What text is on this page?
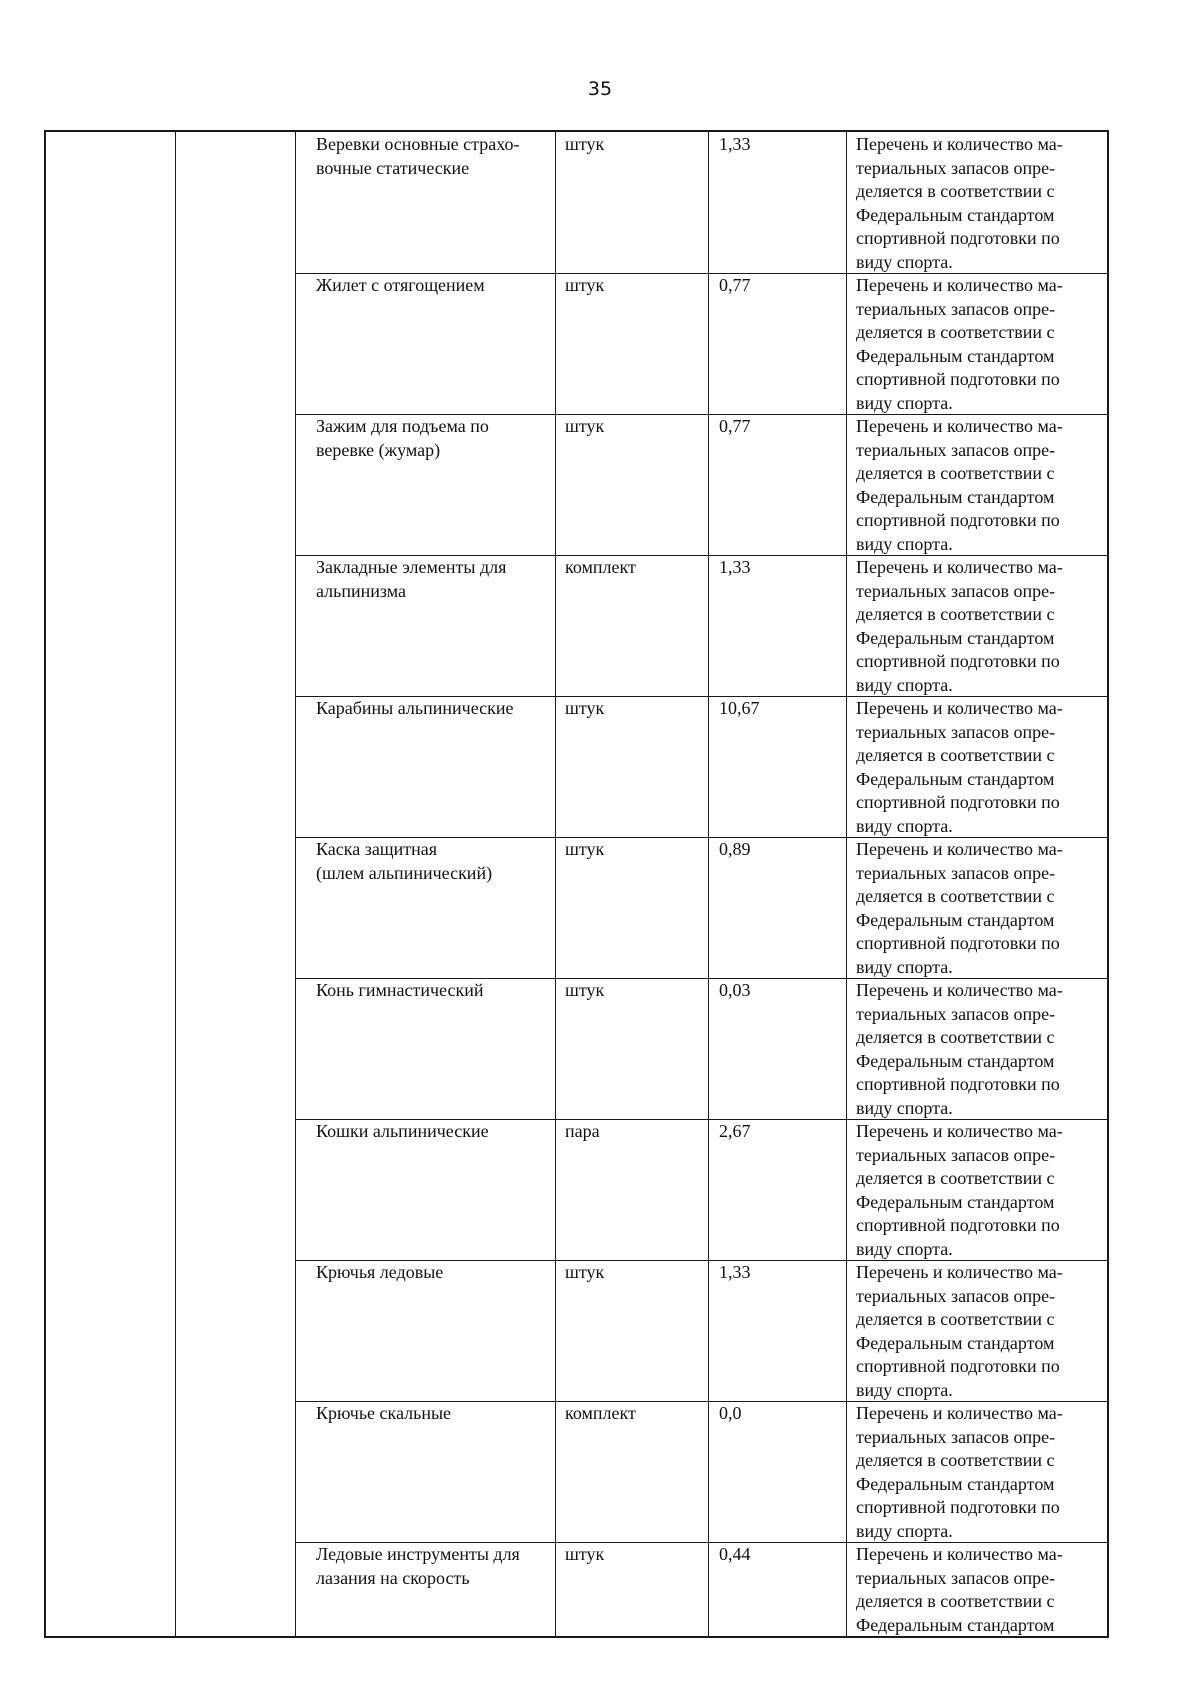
35
Веревки основные страхо-
вочные статические
штук	1,33	Перечень и количество ма-
териальных запасов опре-
деляется в соответствии с
Федеральным стандартом
спортивной подготовки по
виду спорта.
Жилет с отягощением	штук	0,77	Перечень и количество ма-
териальных запасов опре-
деляется в соответствии с
Федеральным стандартом
спортивной подготовки по
виду спорта.
Зажим для подъема по
веревке (жумар)
штук	0,77	Перечень и количество ма-
териальных запасов опре-
деляется в соответствии с
Федеральным стандартом
спортивной подготовки по
виду спорта.
Закладные элементы для
альпинизма
комплект	1,33	Перечень и количество ма-
териальных запасов опре-
деляется в соответствии с
Федеральным стандартом
спортивной подготовки по
виду спорта.
Карабины альпинические	штук	10,67	Перечень и количество ма-
териальных запасов опре-
деляется в соответствии с
Федеральным стандартом
спортивной подготовки по
виду спорта.
Каска защитная
(шлем альпинический)
штук	0,89	Перечень и количество ма-
териальных запасов опре-
деляется в соответствии с
Федеральным стандартом
спортивной подготовки по
виду спорта.
Конь гимнастический	штук	0,03	Перечень и количество ма-
териальных запасов опре-
деляется в соответствии с
Федеральным стандартом
спортивной подготовки по
виду спорта.
Кошки альпинические	пара	2,67	Перечень и количество ма-
териальных запасов опре-
деляется в соответствии с
Федеральным стандартом
спортивной подготовки по
виду спорта.
Крючья ледовые	штук	1,33	Перечень и количество ма-
териальных запасов опре-
деляется в соответствии с
Федеральным стандартом
спортивной подготовки по
виду спорта.
Крючье скальные	комплект	0,0	Перечень и количество ма-
териальных запасов опре-
деляется в соответствии с
Федеральным стандартом
спортивной подготовки по
виду спорта.
Ледовые инструменты для
лазания на скорость
штук	0,44	Перечень и количество ма-
териальных запасов опре-
деляется в соответствии с
Федеральным стандартом
